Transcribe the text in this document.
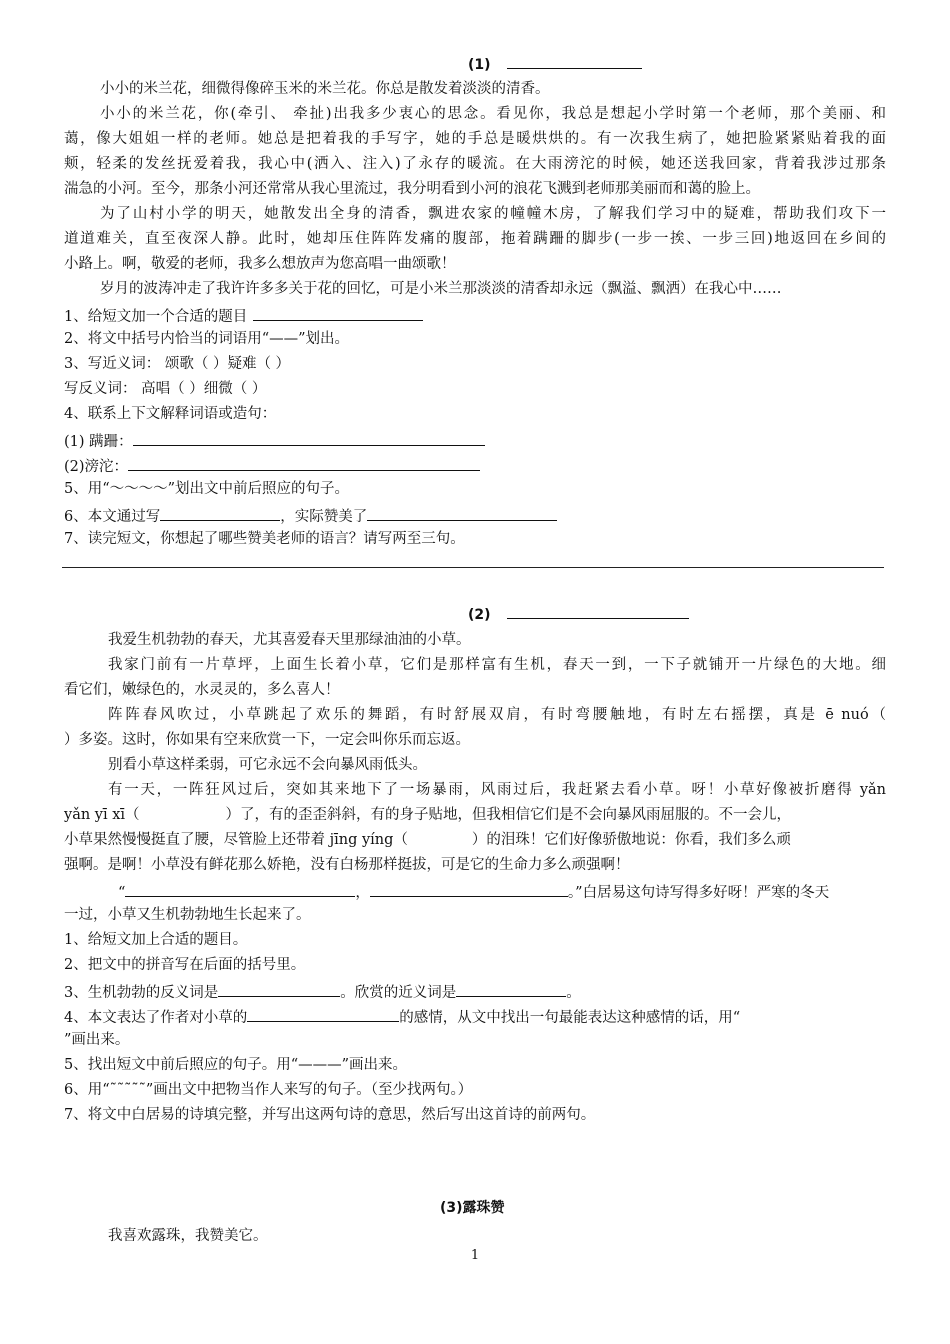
(1)
小小的米兰花，细微得像碎玉米的米兰花。你总是散发着淡淡的清香。
小小的米兰花，你(牵引、 牵扯)出我多少衷心的思念。看见你，我总是想起小学时第一个老师，那个美丽、和
蔼，像大姐姐一样的老师。她总是把着我的手写字，她的手总是暖烘烘的。有一次我生病了，她把脸紧紧贴着我的面
颊，轻柔的发丝抚爱着我，我心中(洒入、注入)了永存的暖流。在大雨滂沱的时候，她还送我回家，背着我涉过那条
湍急的小河。至今，那条小河还常常从我心里流过，我分明看到小河的浪花飞溅到老师那美丽而和蔼的脸上。
为了山村小学的明天，她散发出全身的清香，飘进农家的幢幢木房，了解我们学习中的疑难，帮助我们攻下一
道道难关，直至夜深人静。此时，她却压住阵阵发痛的腹部，拖着蹒跚的脚步(一步一挨、一步三回)地返回在乡间的
小路上。啊，敬爱的老师，我多么想放声为您高唱一曲颂歌！
岁月的波涛冲走了我许许多多关于花的回忆，可是小米兰那淡淡的清香却永远（飘溢、飘洒）在我心中……
1、给短文加一个合适的题目
2、将文中括号内恰当的词语用“——”划出。
3、写近义词： 颂歌（ ）疑难（ ）
写反义词： 高唱（ ）细微（ ）
4、联系上下文解释词语或造句：
(1) 蹒跚：
(2)滂沱：
5、用“～～～～”划出文中前后照应的句子。
6、本文通过写	，实际赞美了
7、读完短文，你想起了哪些赞美老师的语言？请写两至三句。
(2)
我爱生机勃勃的春天，尤其喜爱春天里那绿油油的小草。
我家门前有一片草坪，上面生长着小草，它们是那样富有生机，春天一到，一下子就铺开一片绿色的大地。细
看它们，嫩绿色的，水灵灵的，多么喜人！
阵阵春风吹过，小草跳起了欢乐的舞蹈，有时舒展双肩，有时弯腰触地，有时左右摇摆，真是 ē nuó（
）多姿。这时，你如果有空来欣赏一下，一定会叫你乐而忘返。
别看小草这样柔弱，可它永远不会向暴风雨低头。
有一天，一阵狂风过后，突如其来地下了一场暴雨，风雨过后，我赶紧去看小草。呀！小草好像被折磨得 yǎn
yǎn yī xī（	）了，有的歪歪斜斜，有的身子贴地，但我相信它们是不会向暴风雨屈服的。不一会儿，
小草果然慢慢挺直了腰，尽管脸上还带着 jīng yíng（	）的泪珠！它们好像骄傲地说：你看，我们多么顽
强啊。是啊！小草没有鲜花那么娇艳，没有白杨那样挺拔，可是它的生命力多么顽强啊！
“	，	。”白居易这句诗写得多好呀！严寒的冬天
一过，小草又生机勃勃地生长起来了。
1、给短文加上合适的题目。
2、把文中的拼音写在后面的括号里。
3、生机勃勃的反义词是	。欣赏的近义词是	。
4、本文表达了作者对小草的	的感情，从文中找出一句最能表达这种感情的话，用“
”画出来。
5、找出短文中前后照应的句子。用“———”画出来。
6、用“˜˜˜˜˜”画出文中把物当作人来写的句子。（至少找两句。）
7、将文中白居易的诗填完整，并写出这两句诗的意思，然后写出这首诗的前两句。
(3)露珠赞
我喜欢露珠，我赞美它。
1
